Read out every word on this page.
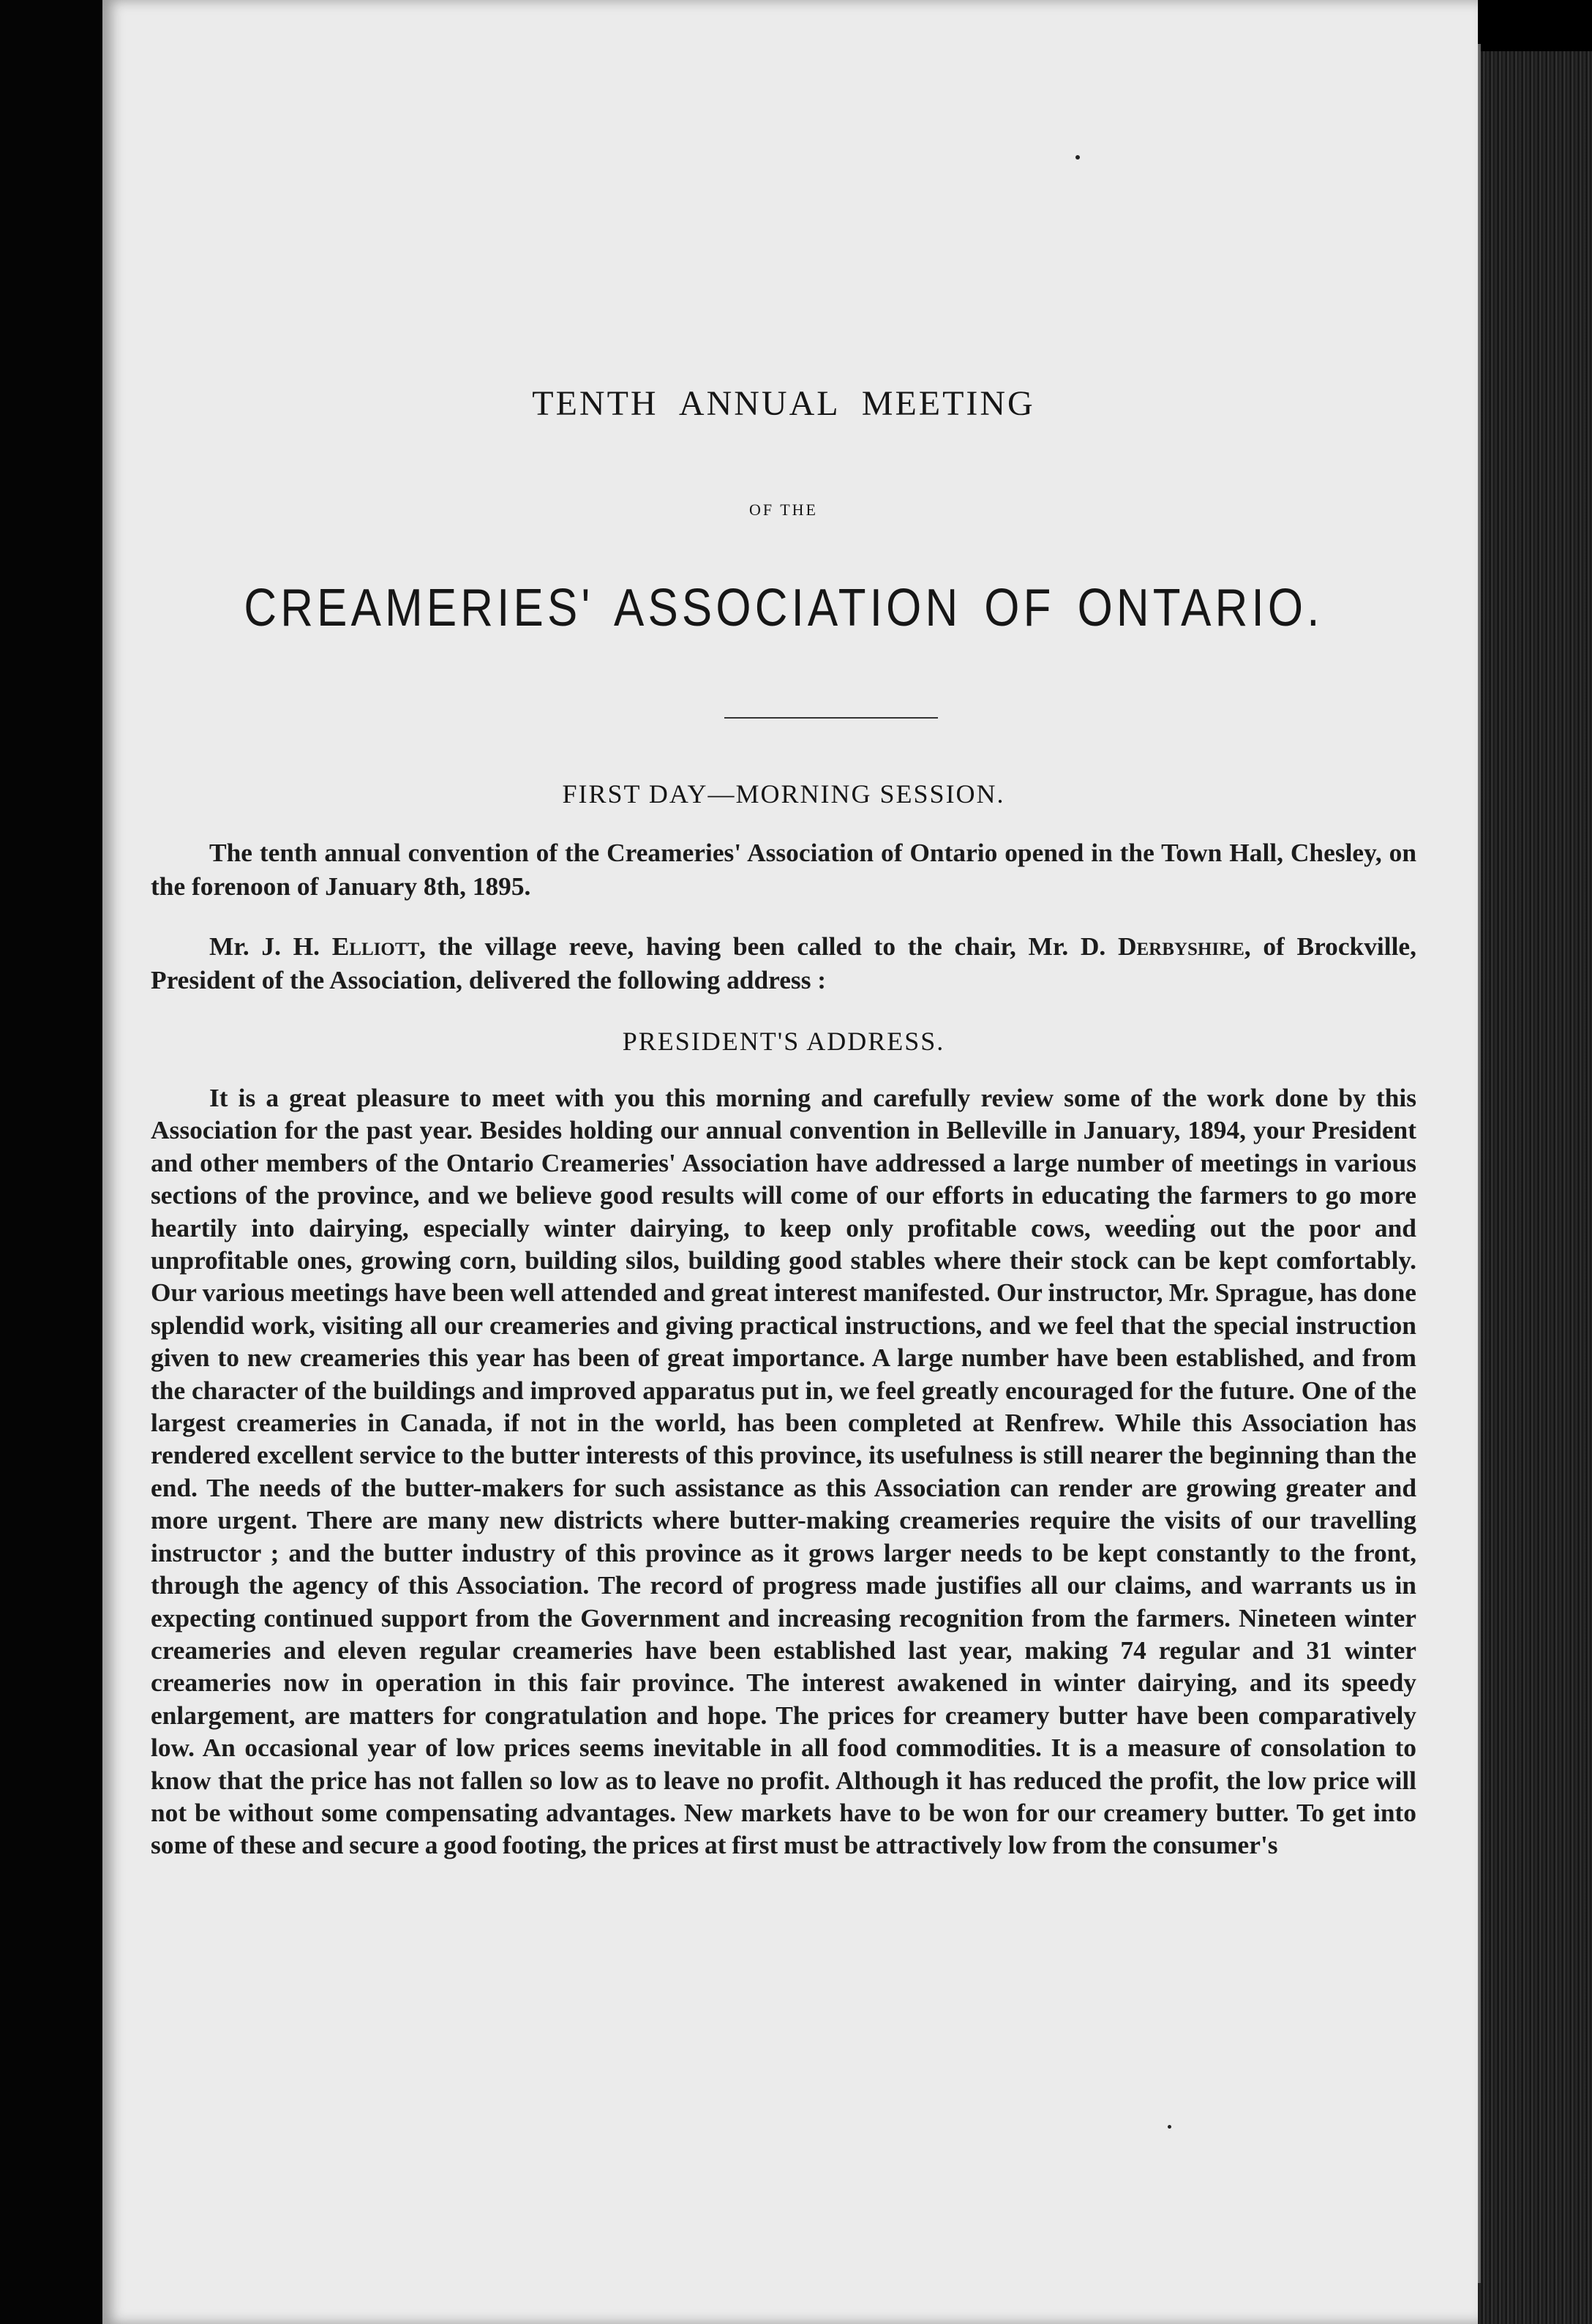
TENTH ANNUAL MEETING
OF THE
CREAMERIES' ASSOCIATION OF ONTARIO.
FIRST DAY—MORNING SESSION.

The tenth annual convention of the Creameries' Association of Ontario opened in the Town Hall, Chesley, on the forenoon of January 8th, 1895.

Mr. J. H. Elliott, the village reeve, having been called to the chair, Mr. D. Derbyshire, of Brockville, President of the Association, delivered the following address :

PRESIDENT'S ADDRESS.

It is a great pleasure to meet with you this morning and carefully review some of the work done by this Association for the past year. Besides holding our annual convention in Belleville in January, 1894, your President and other members of the Ontario Creameries' Association have addressed a large number of meetings in various sections of the province, and we believe good results will come of our efforts in educating the farmers to go more heartily into dairying, especially winter dairying, to keep only profitable cows, weeding out the poor and unprofitable ones, growing corn, building silos, building good stables where their stock can be kept comfortably. Our various meetings have been well attended and great interest manifested. Our instructor, Mr. Sprague, has done splendid work, visiting all our creameries and giving practical instructions, and we feel that the special instruction given to new creameries this year has been of great importance. A large number have been established, and from the character of the buildings and improved apparatus put in, we feel greatly encouraged for the future. One of the largest creameries in Canada, if not in the world, has been completed at Renfrew. While this Association has rendered excellent service to the butter interests of this province, its usefulness is still nearer the beginning than the end. The needs of the butter-makers for such assistance as this Association can render are growing greater and more urgent. There are many new districts where butter-making creameries require the visits of our travelling instructor ; and the butter industry of this province as it grows larger needs to be kept constantly to the front, through the agency of this Association. The record of progress made justifies all our claims, and warrants us in expecting continued support from the Government and increasing recognition from the farmers. Nineteen winter creameries and eleven regular creameries have been established last year, making 74 regular and 31 winter creameries now in operation in this fair province. The interest awakened in winter dairying, and its speedy enlargement, are matters for congratulation and hope. The prices for creamery butter have been comparatively low. An occasional year of low prices seems inevitable in all food commodities. It is a measure of consolation to know that the price has not fallen so low as to leave no profit. Although it has reduced the profit, the low price will not be without some compensating advantages. New markets have to be won for our creamery butter. To get into some of these and secure a good footing, the prices at first must be attractively low from the consumer's
